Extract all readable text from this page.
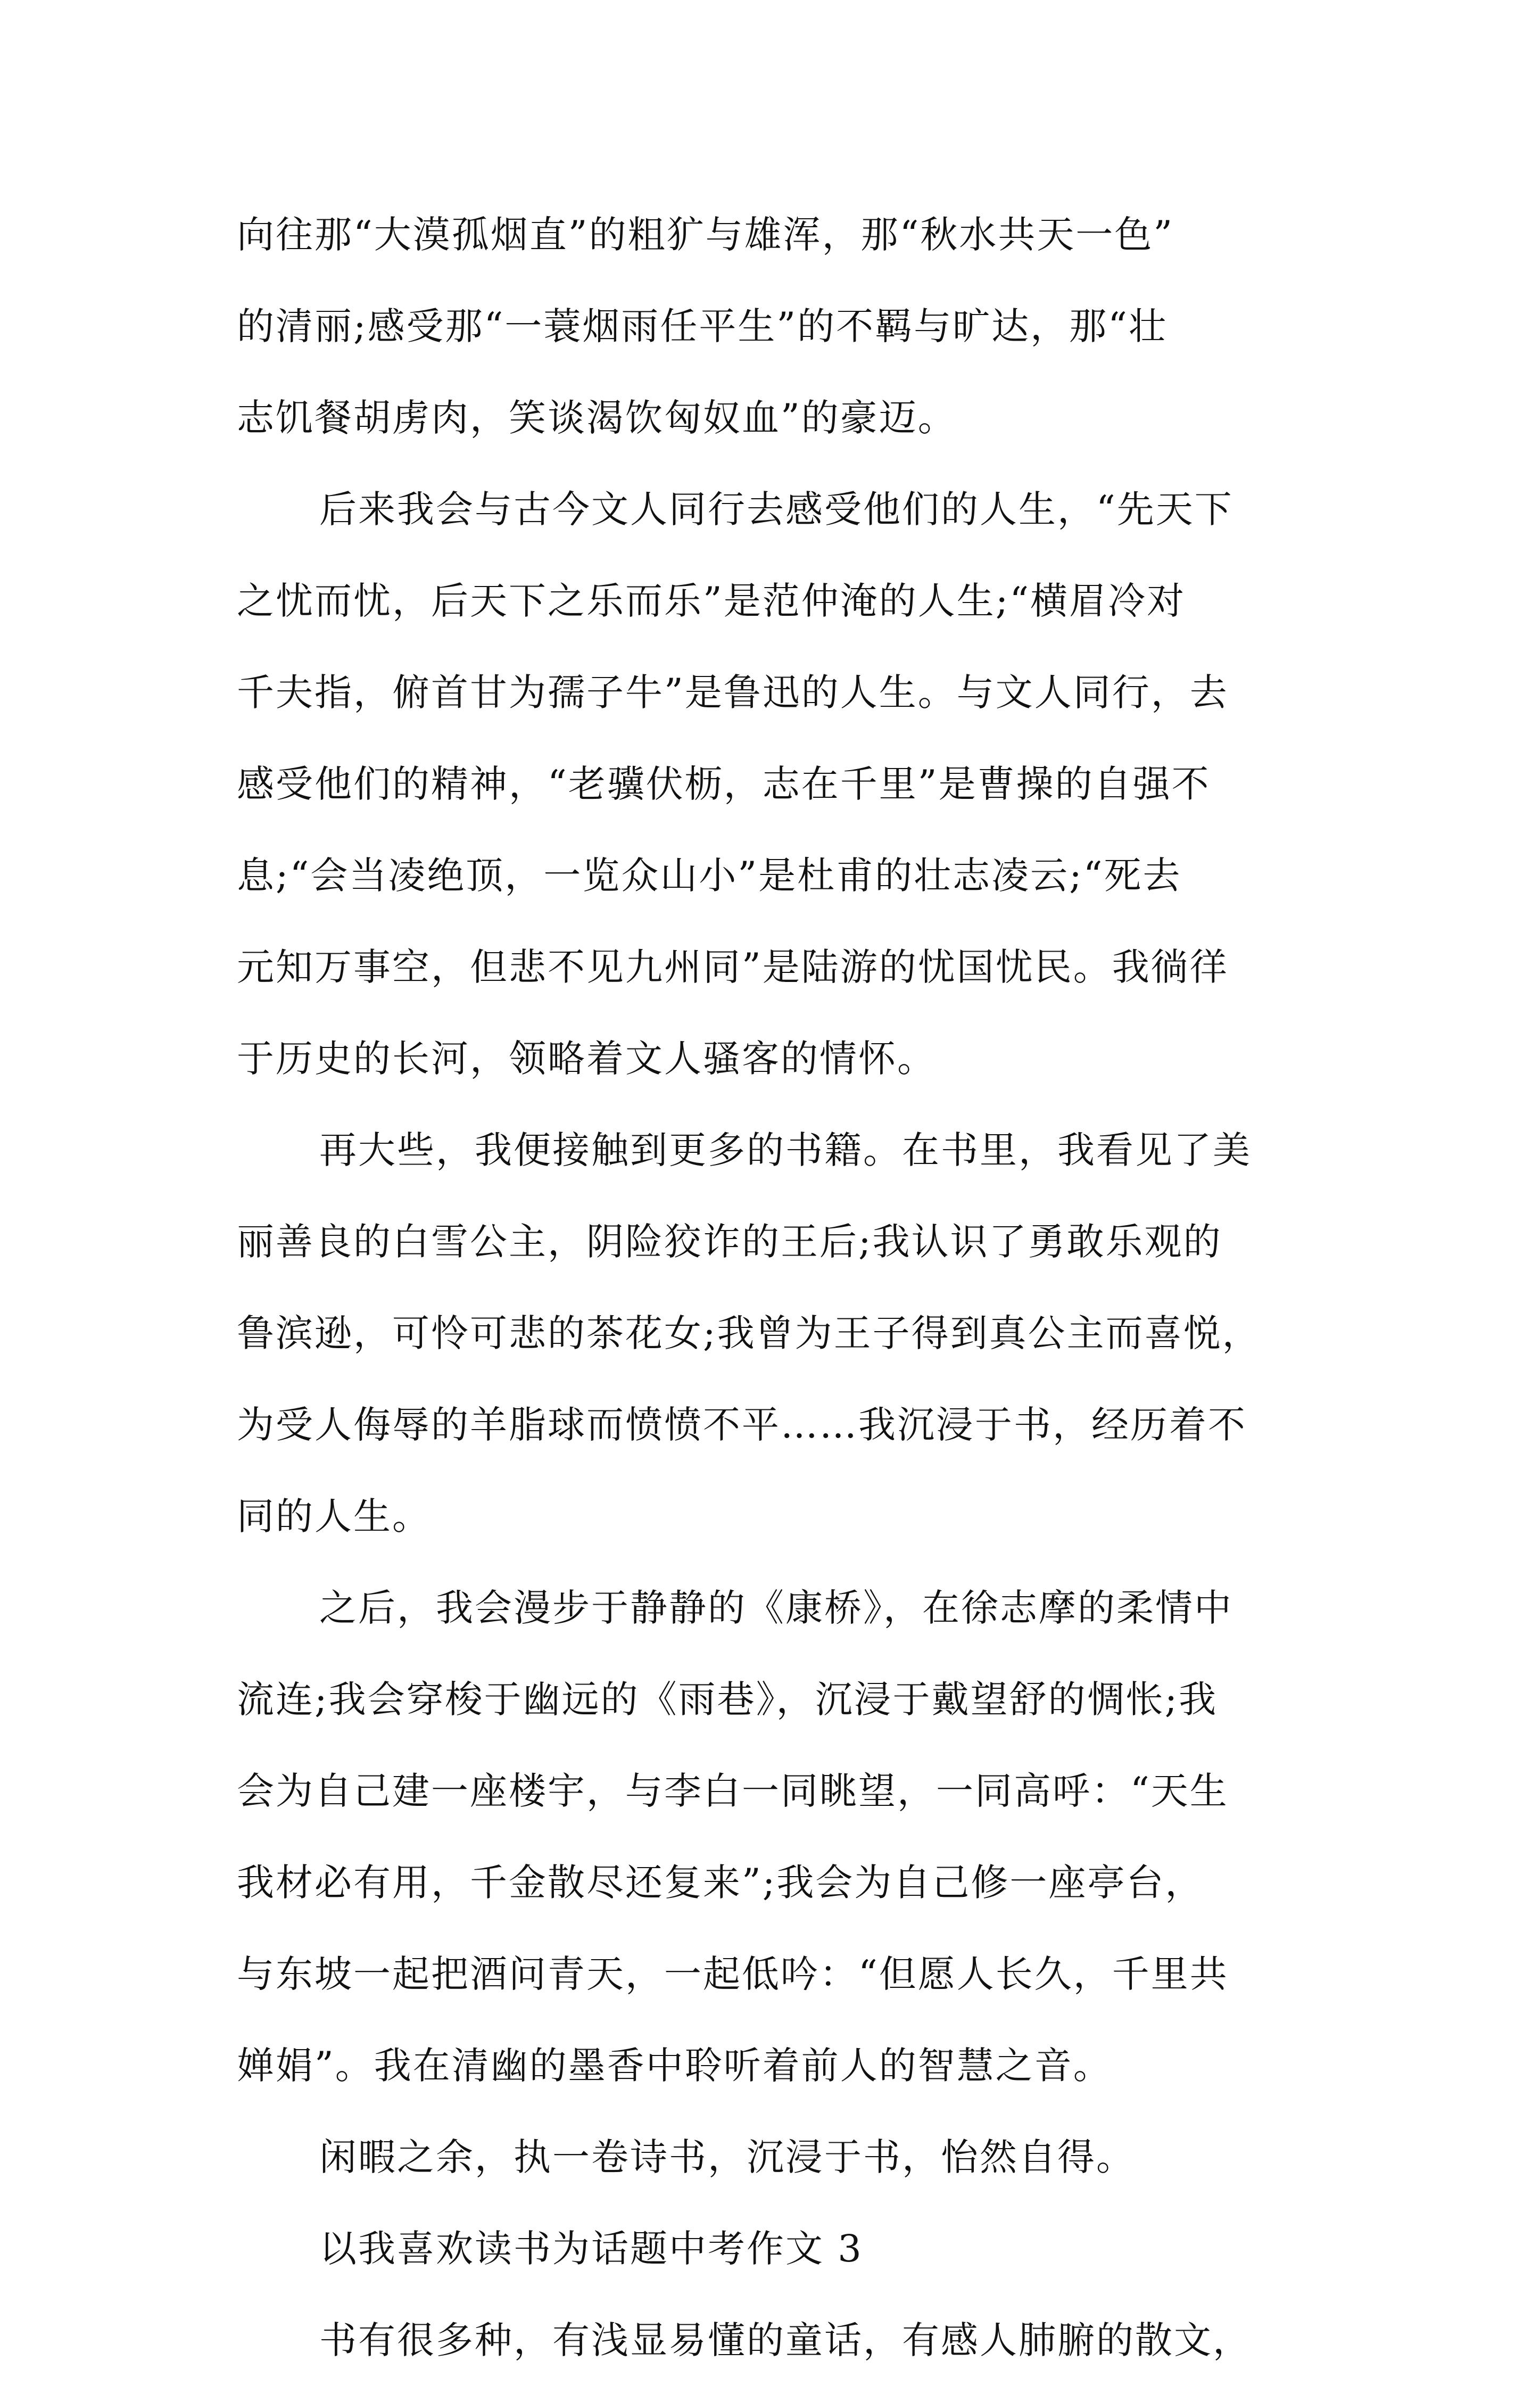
向往那“大漠孤烟直”的粗犷与雄浑，那“秋水共天一色”
的清丽;感受那“一蓑烟雨任平生”的不羁与旷达，那“壮
志饥餐胡虏肉，笑谈渴饮匈奴血”的豪迈。
后来我会与古今文人同行去感受他们的人生，“先天下
之忧而忧，后天下之乐而乐”是范仲淹的人生;“横眉冷对
千夫指，俯首甘为孺子牛”是鲁迅的人生。与文人同行，去
感受他们的精神，“老骥伏枥，志在千里”是曹操的自强不
息;“会当凌绝顶，一览众山小”是杜甫的壮志凌云;“死去
元知万事空，但悲不见九州同”是陆游的忧国忧民。我徜徉
于历史的长河，领略着文人骚客的情怀。
再大些，我便接触到更多的书籍。在书里，我看见了美
丽善良的白雪公主，阴险狡诈的王后;我认识了勇敢乐观的
鲁滨逊，可怜可悲的茶花女;我曾为王子得到真公主而喜悦，
为受人侮辱的羊脂球而愤愤不平……我沉浸于书，经历着不
同的人生。
之后，我会漫步于静静的《康桥》，在徐志摩的柔情中
流连;我会穿梭于幽远的《雨巷》，沉浸于戴望舒的惆怅;我
会为自己建一座楼宇，与李白一同眺望，一同高呼：“天生
我材必有用，千金散尽还复来”;我会为自己修一座亭台，
与东坡一起把酒问青天，一起低吟：“但愿人长久，千里共
婵娟”。我在清幽的墨香中聆听着前人的智慧之音。
闲暇之余，执一卷诗书，沉浸于书，怡然自得。
以我喜欢读书为话题中考作文 3
书有很多种，有浅显易懂的童话，有感人肺腑的散文，
